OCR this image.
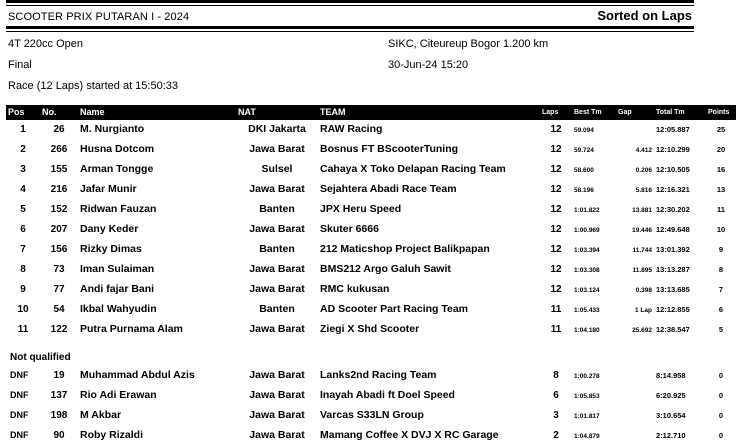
SCOOTER PRIX PUTARAN I - 2024	Sorted on Laps
4T 220cc Open	SIKC, Citeureup Bogor 1.200 km
Final	30-Jun-24 15:20
Race (12 Laps) started at 15:50:33
Pos	No.	Name	NAT	TEAM	Laps	Best Tm	Gap	Total Tm	Points
1	26	M. Nurgianto	DKI Jakarta	RAW Racing	12	59.094		12:05.887	25
2	266	Husna Dotcom	Jawa Barat	Bosnus FT BScooterTuning	12	59.724	4.412	12:10.299	20
3	155	Arman Tongge	Sulsel	Cahaya X Toko Delapan Racing Team	12	58.600	0.206	12:10.505	16
4	216	Jafar Munir	Jawa Barat	Sejahtera Abadi Race Team	12	58.196	5.816	12:16.321	13
5	152	Ridwan Fauzan	Banten	JPX Heru Speed	12	1:01.822	13.881	12:30.202	11
6	207	Dany Keder	Jawa Barat	Skuter 6666	12	1:00.969	19.446	12:49.648	10
7	156	Rizky Dimas	Banten	212 Maticshop Project Balikpapan	12	1:03.394	11.744	13:01.392	9
8	73	Iman Sulaiman	Jawa Barat	BMS212 Argo Galuh Sawit	12	1:03.308	11.895	13:13.287	8
9	77	Andi fajar Bani	Jawa Barat	RMC kukusan	12	1:03.124	0.398	13:13.685	7
10	54	Ikbal Wahyudin	Banten	AD Scooter Part Racing Team	11	1:05.433	1 Lap	12:12.855	6
11	122	Putra Purnama Alam	Jawa Barat	Ziegi X Shd Scooter	11	1:04.180	25.692	12:38.547	5
Not qualified
DNF	19	Muhammad Abdul Azis	Jawa Barat	Lanks2nd Racing Team	8	1:00.278		8:14.958	0
DNF	137	Rio Adi Erawan	Jawa Barat	Inayah Abadi ft Doel Speed	6	1:05.853		6:20.925	0
DNF	198	M Akbar	Jawa Barat	Varcas S33LN Group	3	1:01.817		3:10.654	0
DNF	90	Roby Rizaldi	Jawa Barat	Mamang Coffee X DVJ X RC Garage	2	1:04.879		2:12.710	0
